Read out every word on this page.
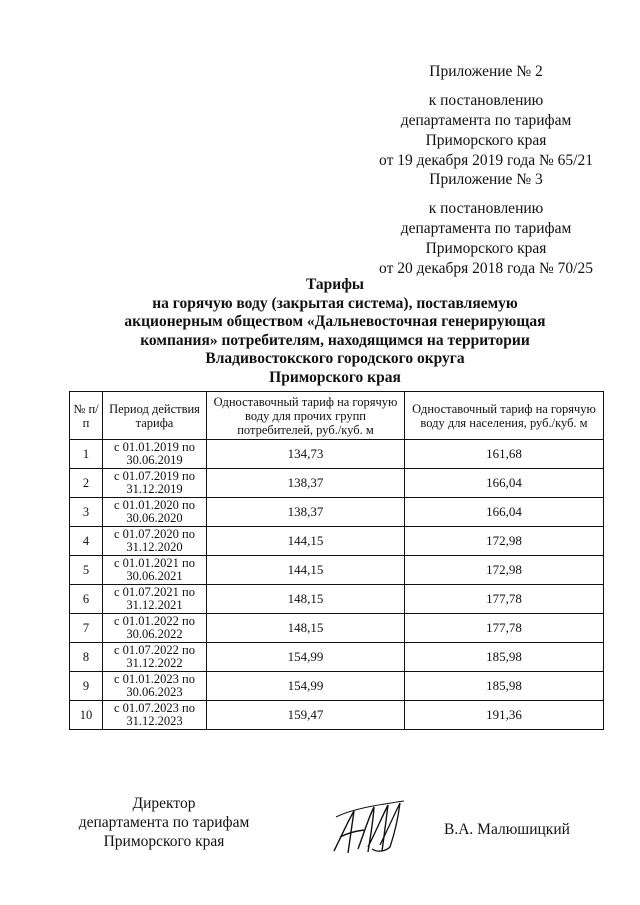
Приложение № 2
к постановлению
департамента по тарифам
Приморского края
от 19 декабря 2019 года № 65/21
Приложение № 3
к постановлению
департамента по тарифам
Приморского края
от 20 декабря 2018 года № 70/25
Тарифы
на горячую воду (закрытая система), поставляемую
акционерным обществом «Дальневосточная генерирующая
компания» потребителям, находящимся на территории
Владивостокского городского округа
Приморского края
№ п/п	Период действия тарифа	Одноставочный тариф на горячую воду для прочих групп потребителей, руб./куб. м	Одноставочный тариф на горячую воду для населения, руб./куб. м
1	с 01.01.2019 по 30.06.2019	134,73	161,68
2	с 01.07.2019 по 31.12.2019	138,37	166,04
3	с 01.01.2020 по 30.06.2020	138,37	166,04
4	с 01.07.2020 по 31.12.2020	144,15	172,98
5	с 01.01.2021 по 30.06.2021	144,15	172,98
6	с 01.07.2021 по 31.12.2021	148,15	177,78
7	с 01.01.2022 по 30.06.2022	148,15	177,78
8	с 01.07.2022 по 31.12.2022	154,99	185,98
9	с 01.01.2023 по 30.06.2023	154,99	185,98
10	с 01.07.2023 по 31.12.2023	159,47	191,36
Директор
департамента по тарифам
Приморского края
В.А. Малюшицкий
